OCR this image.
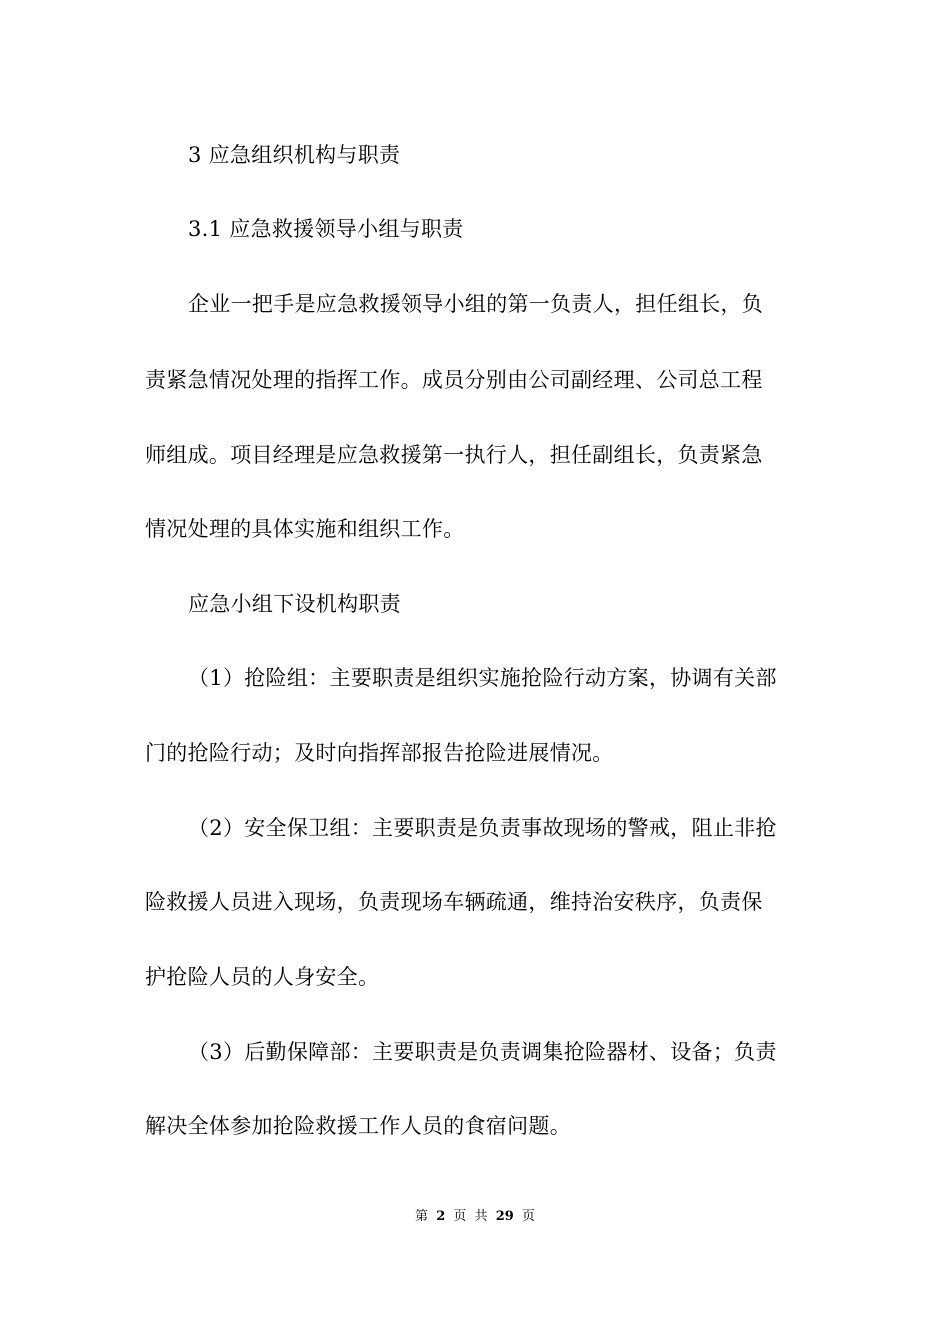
3 应急组织机构与职责
3.1 应急救援领导小组与职责
企业一把手是应急救援领导小组的第一负责人，担任组长，负
责紧急情况处理的指挥工作。成员分别由公司副经理、公司总工程
师组成。项目经理是应急救援第一执行人，担任副组长，负责紧急
情况处理的具体实施和组织工作。
应急小组下设机构职责
（1）抢险组：主要职责是组织实施抢险行动方案，协调有关部
门的抢险行动；及时向指挥部报告抢险进展情况。
（2）安全保卫组：主要职责是负责事故现场的警戒，阻止非抢
险救援人员进入现场，负责现场车辆疏通，维持治安秩序，负责保
护抢险人员的人身安全。
（3）后勤保障部：主要职责是负责调集抢险器材、设备；负责
解决全体参加抢险救援工作人员的食宿问题。
第 2 页 共 29 页
